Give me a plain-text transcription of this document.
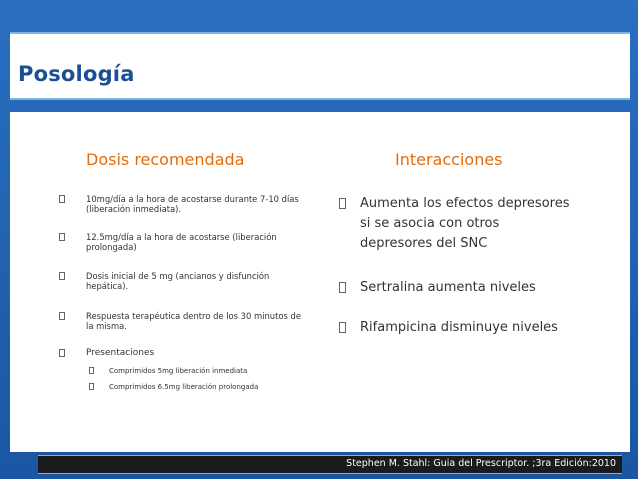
Posología
Dosis recomendada	Interacciones
10mg/día a la hora de acostarse durante 7-10 días (liberación inmediata).
12.5mg/día a la hora de acostarse (liberación prolongada)
Dosis inicial de 5 mg (ancianos y disfunción hepática).
Respuesta terapéutica dentro de los 30 minutos de la misma.
Presentaciones
Comprimidos 5mg liberación inmediata
Comprimidos 6.5mg liberación prolongada
Aumenta los efectos depresores si se asocia con otros depresores del SNC
Sertralina aumenta niveles
Rifampicina disminuye niveles
Stephen M. Stahl: Guia del Prescriptor. ;3ra Edición:2010
